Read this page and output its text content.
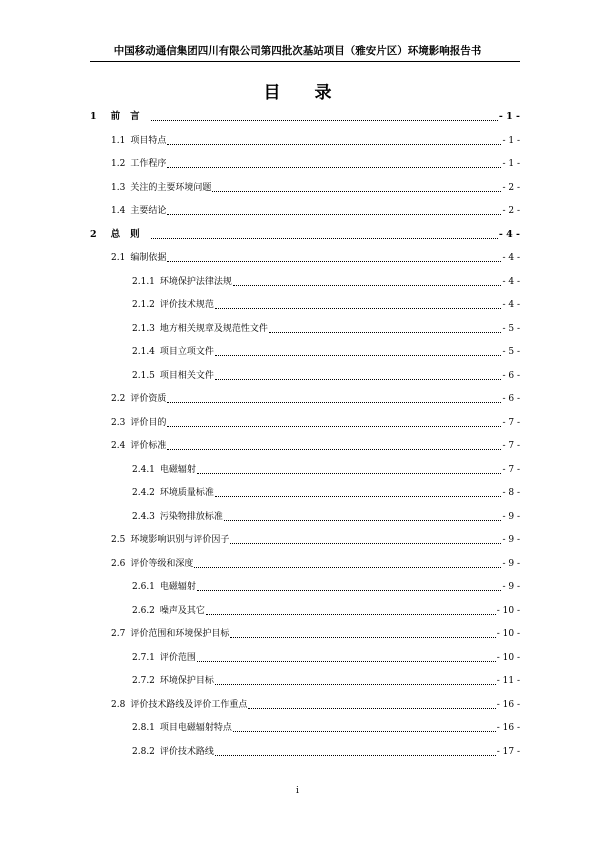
中国移动通信集团四川有限公司第四批次基站项目（雅安片区）环境影响报告书
目 录
1 前言	- 1 -
1.1 项目特点	- 1 -
1.2 工作程序	- 1 -
1.3 关注的主要环境问题	- 2 -
1.4 主要结论	- 2 -
2 总则	- 4 -
2.1 编制依据	- 4 -
2.1.1 环境保护法律法规	- 4 -
2.1.2 评价技术规范	- 4 -
2.1.3 地方相关规章及规范性文件	- 5 -
2.1.4 项目立项文件	- 5 -
2.1.5 项目相关文件	- 6 -
2.2 评价资质	- 6 -
2.3 评价目的	- 7 -
2.4 评价标准	- 7 -
2.4.1 电磁辐射	- 7 -
2.4.2 环境质量标准	- 8 -
2.4.3 污染物排放标准	- 9 -
2.5 环境影响识别与评价因子	- 9 -
2.6 评价等级和深度	- 9 -
2.6.1 电磁辐射	- 9 -
2.6.2 噪声及其它	- 10 -
2.7 评价范围和环境保护目标	- 10 -
2.7.1 评价范围	- 10 -
2.7.2 环境保护目标	- 11 -
2.8 评价技术路线及评价工作重点	- 16 -
2.8.1 项目电磁辐射特点	- 16 -
2.8.2 评价技术路线	- 17 -
i
